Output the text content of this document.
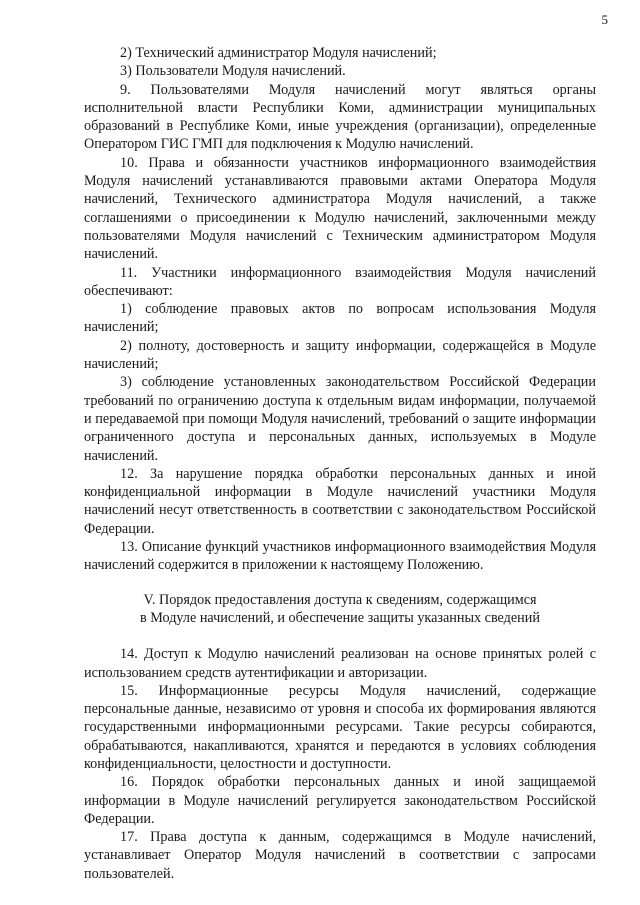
5

2) Технический администратор Модуля начислений;

3) Пользователи Модуля начислений.

9. Пользователями Модуля начислений могут являться органы исполнительной власти Республики Коми, администрации муниципальных образований в Республике Коми, иные учреждения (организации), определенные Оператором ГИС ГМП для подключения к Модулю начислений.

10. Права и обязанности участников информационного взаимодействия Модуля начислений устанавливаются правовыми актами Оператора Модуля начислений, Технического администратора Модуля начислений, а также соглашениями о присоединении к Модулю начислений, заключенными между пользователями Модуля начислений с Техническим администратором Модуля начислений.

11. Участники информационного взаимодействия Модуля начислений обеспечивают:

1) соблюдение правовых актов по вопросам использования Модуля начислений;

2) полноту, достоверность и защиту информации, содержащейся в Модуле начислений;

3) соблюдение установленных законодательством Российской Федерации требований по ограничению доступа к отдельным видам информации, получаемой и передаваемой при помощи Модуля начислений, требований о защите информации ограниченного доступа и персональных данных, используемых в Модуле начислений.

12. За нарушение порядка обработки персональных данных и иной конфиденциальной информации в Модуле начислений участники Модуля начислений несут ответственность в соответствии с законодательством Российской Федерации.

13. Описание функций участников информационного взаимодействия Модуля начислений содержится в приложении к настоящему Положению.

V. Порядок предоставления доступа к сведениям, содержащимся
в Модуле начислений, и обеспечение защиты указанных сведений

14. Доступ к Модулю начислений реализован на основе принятых ролей с использованием средств аутентификации и авторизации.

15. Информационные ресурсы Модуля начислений, содержащие персональные данные, независимо от уровня и способа их формирования являются государственными информационными ресурсами. Такие ресурсы собираются, обрабатываются, накапливаются, хранятся и передаются в условиях соблюдения конфиденциальности, целостности и доступности.

16. Порядок обработки персональных данных и иной защищаемой информации в Модуле начислений регулируется законодательством Российской Федерации.

17. Права доступа к данным, содержащимся в Модуле начислений, устанавливает Оператор Модуля начислений в соответствии с запросами пользователей.
